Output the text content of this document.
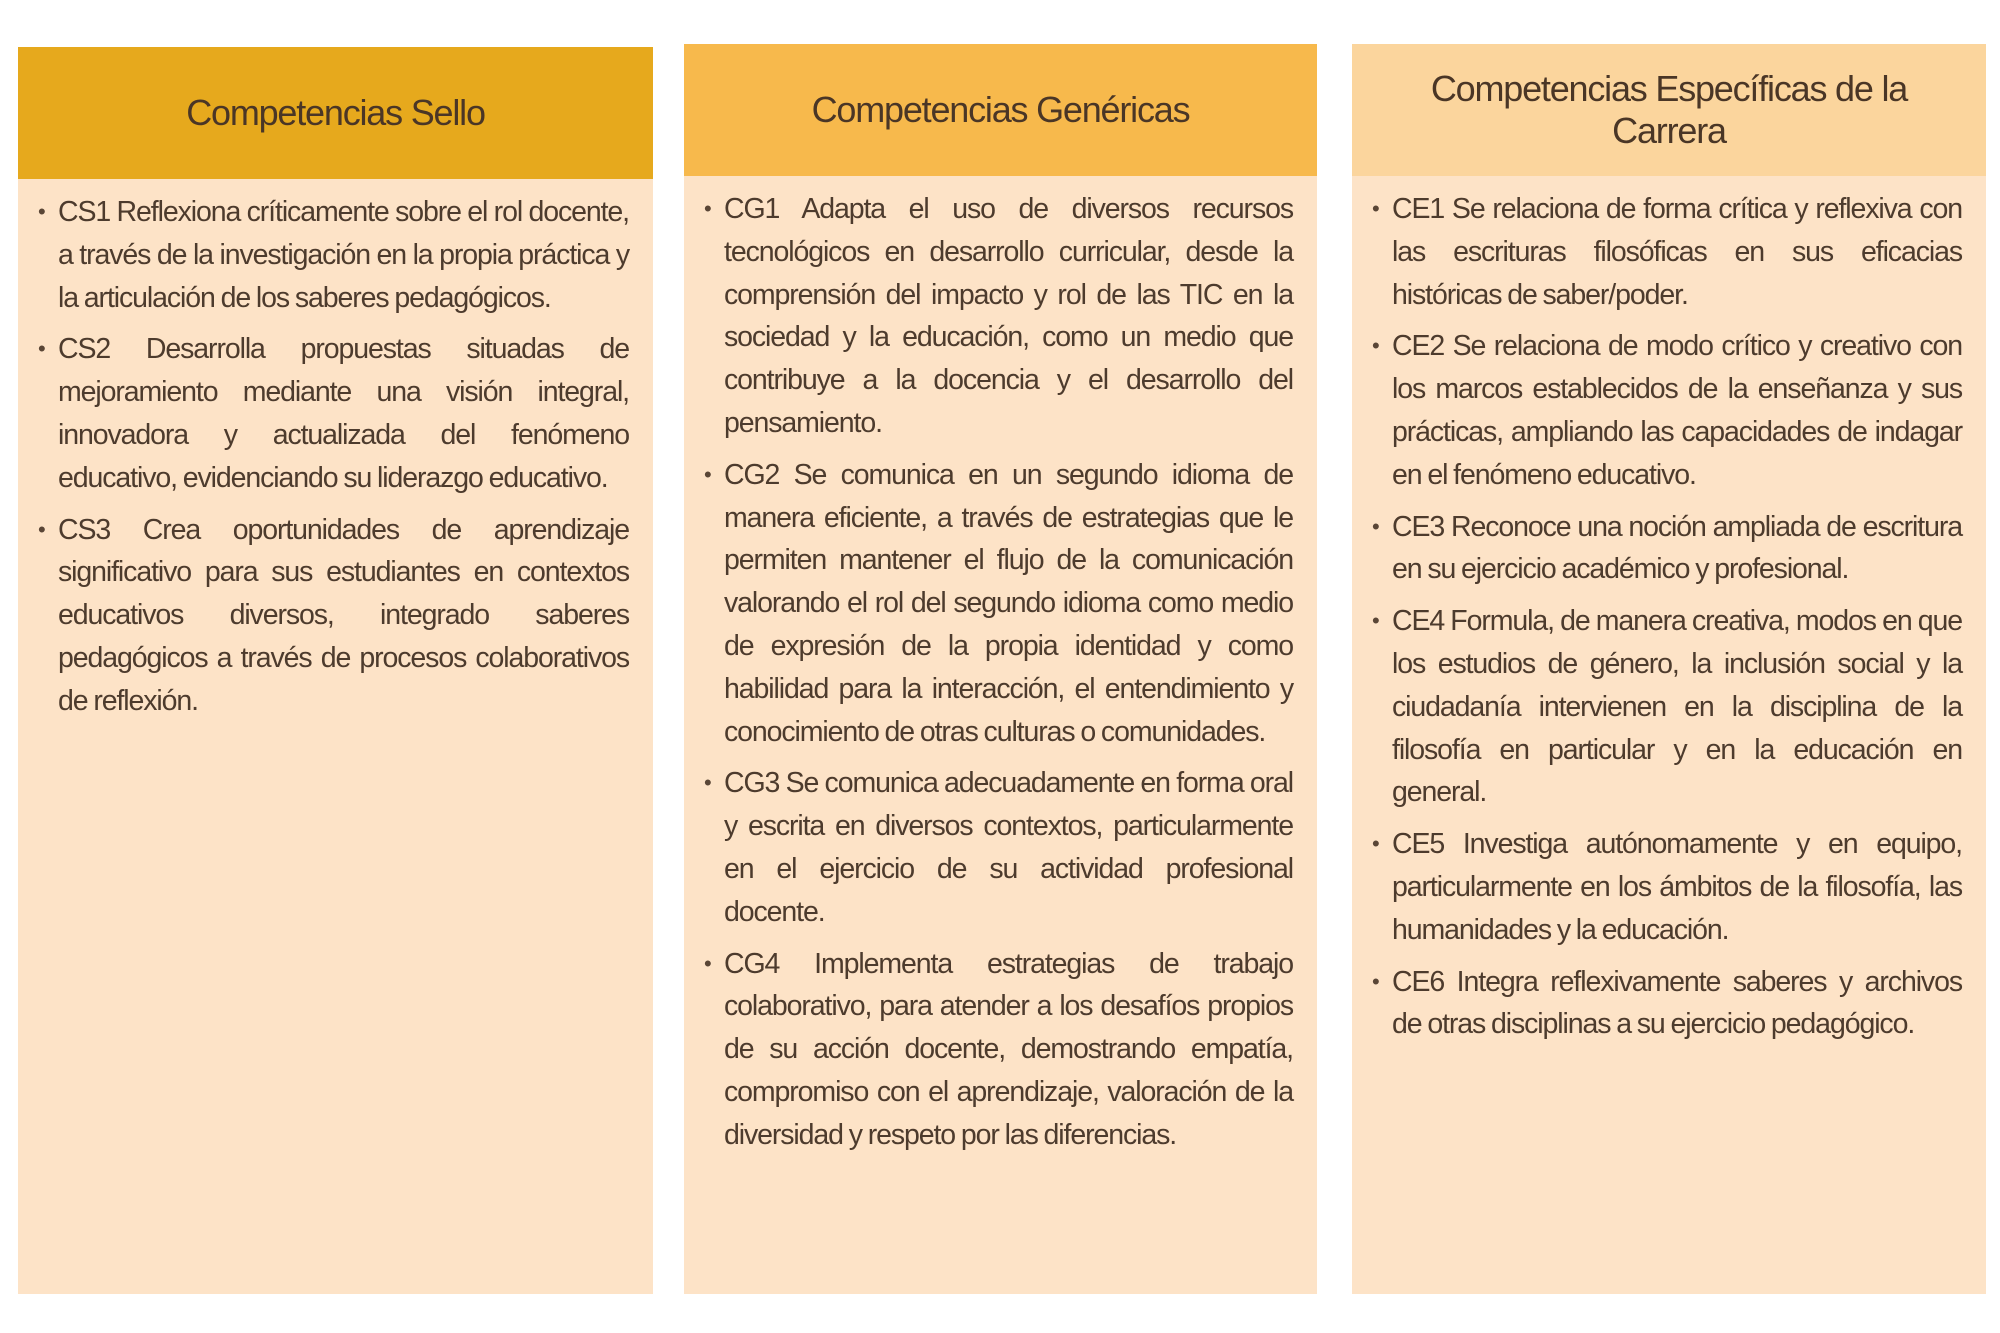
Competencias Sello
• CS1 Reflexiona críticamente sobre el rol docente, a través de la investigación en la propia práctica y la articulación de los saberes pedagógicos.
• CS2 Desarrolla propuestas situadas de mejoramiento mediante una visión integral, innovadora y actualizada del fenómeno educativo, evidenciando su liderazgo educativo.
• CS3 Crea oportunidades de aprendizaje significativo para sus estudiantes en contextos educativos diversos, integrado saberes pedagógicos a través de procesos colaborativos de reflexión.
Competencias Genéricas
• CG1 Adapta el uso de diversos recursos tecnológicos en desarrollo curricular, desde la comprensión del impacto y rol de las TIC en la sociedad y la educación, como un medio que contribuye a la docencia y el desarrollo del pensamiento.
• CG2 Se comunica en un segundo idioma de manera eficiente, a través de estrategias que le permiten mantener el flujo de la comunicación valorando el rol del segundo idioma como medio de expresión de la propia identidad y como habilidad para la interacción, el entendimiento y conocimiento de otras culturas o comunidades.
• CG3 Se comunica adecuadamente en forma oral y escrita en diversos contextos, particularmente en el ejercicio de su actividad profesional docente.
• CG4 Implementa estrategias de trabajo colaborativo, para atender a los desafíos propios de su acción docente, demostrando empatía, compromiso con el aprendizaje, valoración de la diversidad y respeto por las diferencias.
Competencias Específicas de la Carrera
• CE1 Se relaciona de forma crítica y reflexiva con las escrituras filosóficas en sus eficacias históricas de saber/poder.
• CE2 Se relaciona de modo crítico y creativo con los marcos establecidos de la enseñanza y sus prácticas, ampliando las capacidades de indagar en el fenómeno educativo.
• CE3 Reconoce una noción ampliada de escritura en su ejercicio académico y profesional.
• CE4 Formula, de manera creativa, modos en que los estudios de género, la inclusión social y la ciudadanía intervienen en la disciplina de la filosofía en particular y en la educación en general.
• CE5 Investiga autónomamente y en equipo, particularmente en los ámbitos de la filosofía, las humanidades y la educación.
• CE6 Integra reflexivamente saberes y archivos de otras disciplinas a su ejercicio pedagógico.
